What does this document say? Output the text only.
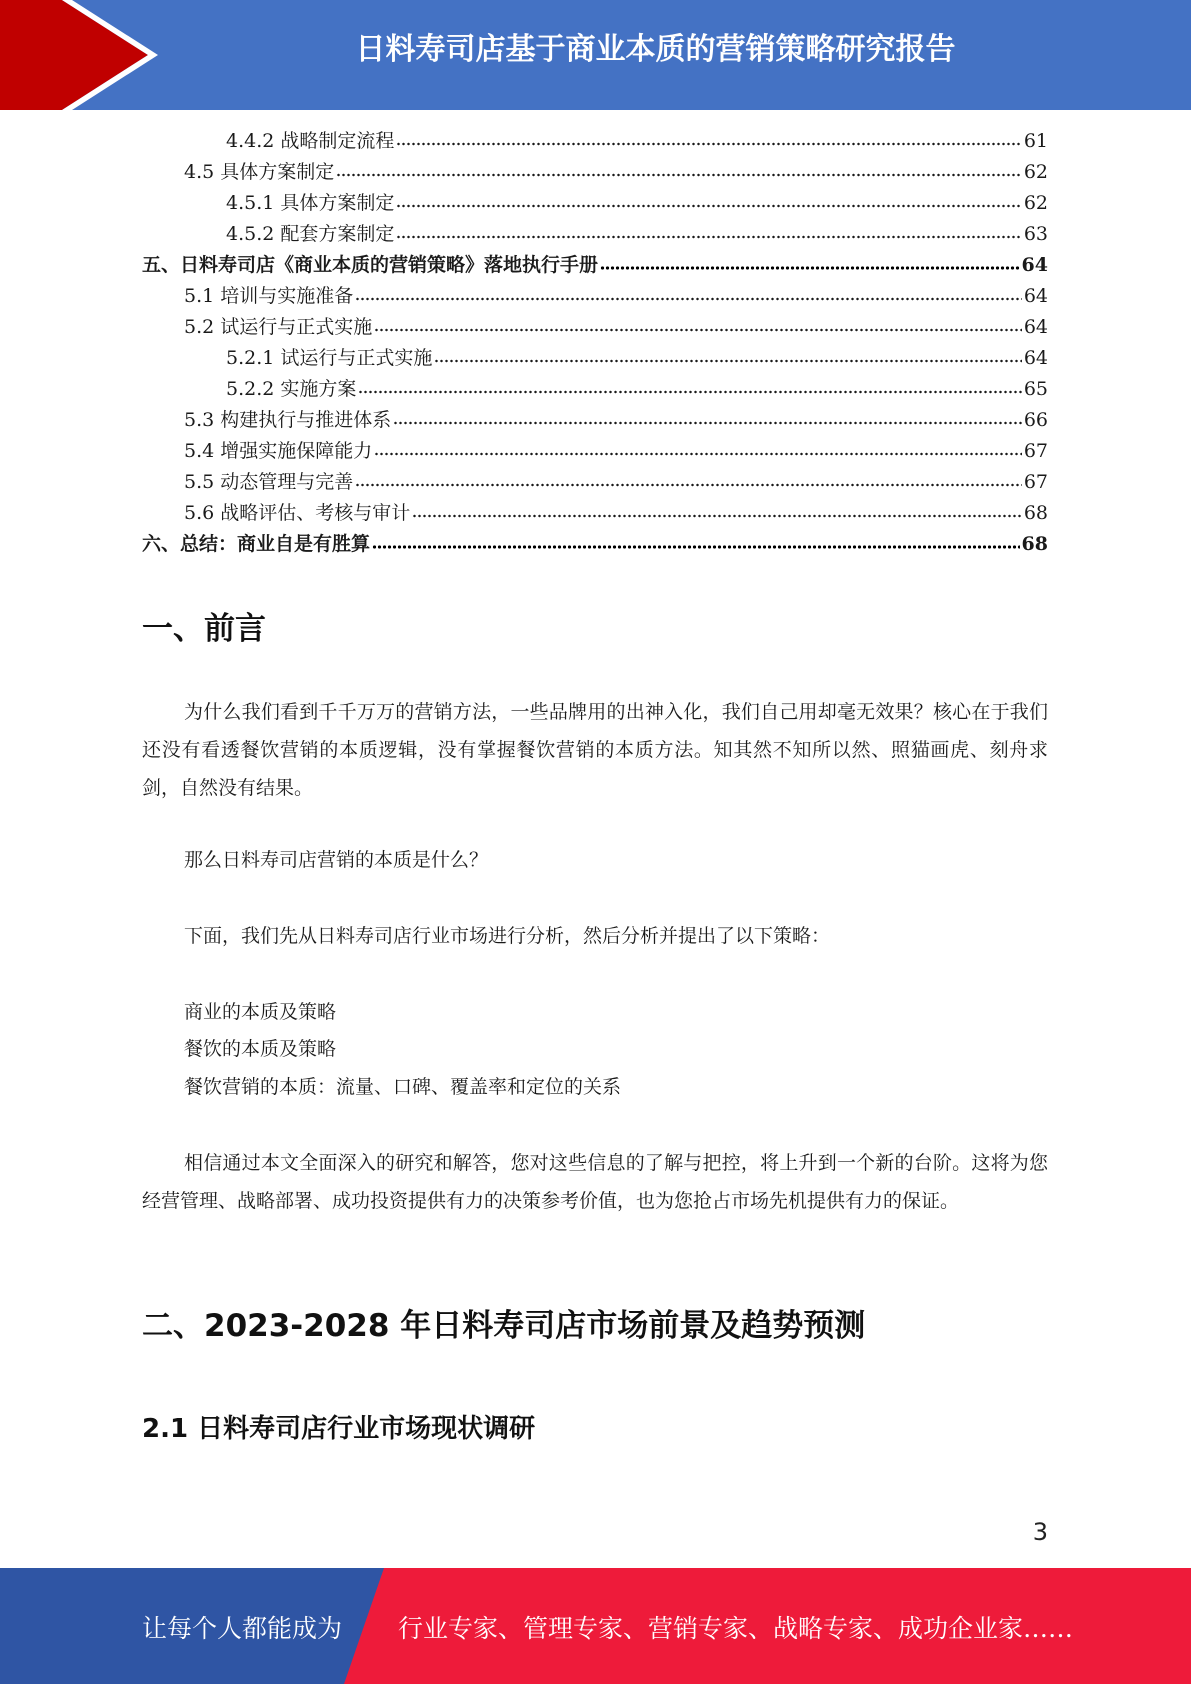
日料寿司店基于商业本质的营销策略研究报告
4.4.2 战略制定流程	61
4.5 具体方案制定	62
4.5.1 具体方案制定	62
4.5.2 配套方案制定	63
五、日料寿司店《商业本质的营销策略》落地执行手册	64
5.1 培训与实施准备	64
5.2 试运行与正式实施	64
5.2.1 试运行与正式实施	64
5.2.2 实施方案	65
5.3 构建执行与推进体系	66
5.4 增强实施保障能力	67
5.5 动态管理与完善	67
5.6 战略评估、考核与审计	68
六、总结：商业自是有胜算	68
一、前言
为什么我们看到千千万万的营销方法，一些品牌用的出神入化，我们自己用却毫无效果？核心在于我们还没有看透餐饮营销的本质逻辑，没有掌握餐饮营销的本质方法。知其然不知所以然、照猫画虎、刻舟求剑，自然没有结果。
那么日料寿司店营销的本质是什么？
下面，我们先从日料寿司店行业市场进行分析，然后分析并提出了以下策略：
商业的本质及策略
餐饮的本质及策略
餐饮营销的本质：流量、口碑、覆盖率和定位的关系
相信通过本文全面深入的研究和解答，您对这些信息的了解与把控，将上升到一个新的台阶。这将为您经营管理、战略部署、成功投资提供有力的决策参考价值，也为您抢占市场先机提供有力的保证。
二、2023-2028 年日料寿司店市场前景及趋势预测
2.1 日料寿司店行业市场现状调研
3
让每个人都能成为 行业专家、管理专家、营销专家、战略专家、成功企业家……
